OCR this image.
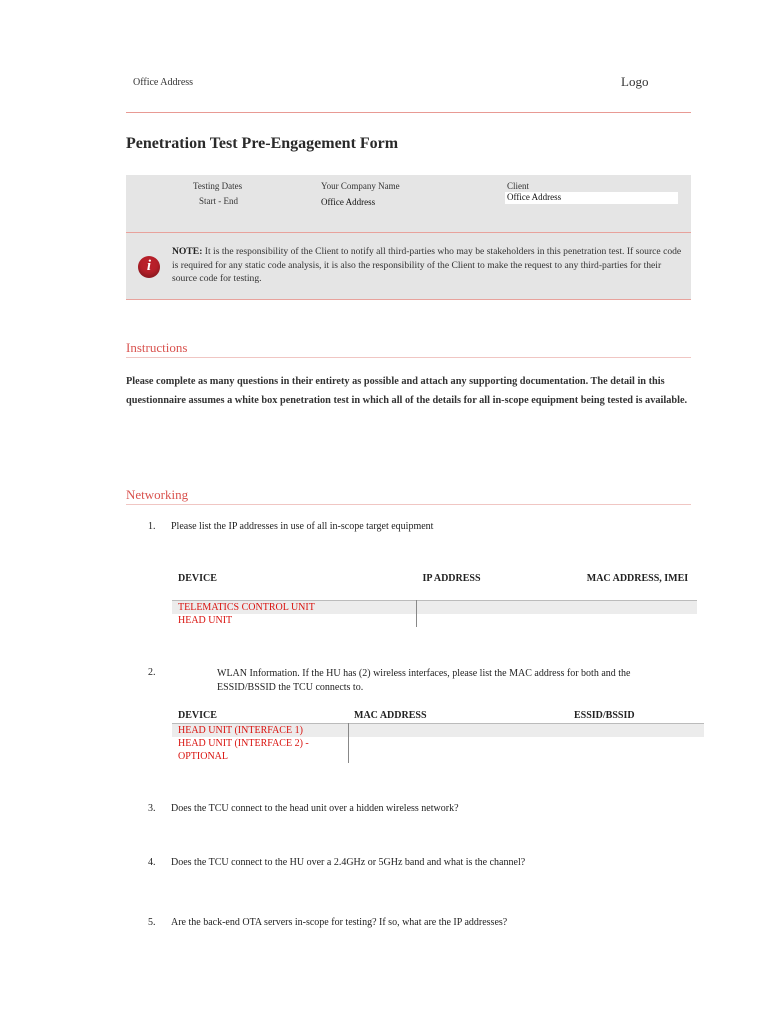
Office Address	Logo
Penetration Test Pre-Engagement Form
Testing Dates
Start - End
Your Company Name
Office Address
Client
Office Address
i
NOTE: It is the responsibility of the Client to notify all third-parties who may be stakeholders in this penetration test. If source code is required for any static code analysis, it is also the responsibility of the Client to make the request to any third-parties for their source code for testing.
Instructions
Please complete as many questions in their entirety as possible and attach any supporting documentation. The detail in this questionnaire assumes a white box penetration test in which all of the details for all in-scope equipment being tested is available.
Networking
1. Please list the IP addresses in use of all in-scope target equipment
DEVICE	IP ADDRESS	MAC ADDRESS, IMEI
TELEMATICS CONTROL UNIT		
HEAD UNIT		
2.	WLAN Information. If the HU has (2) wireless interfaces, please list the MAC address for both and the ESSID/BSSID the TCU connects to.
DEVICE	MAC ADDRESS	ESSID/BSSID
HEAD UNIT (INTERFACE 1)		
HEAD UNIT (INTERFACE 2) - OPTIONAL		
3. Does the TCU connect to the head unit over a hidden wireless network?
4. Does the TCU connect to the HU over a 2.4GHz or 5GHz band and what is the channel?
5. Are the back-end OTA servers in-scope for testing? If so, what are the IP addresses?
